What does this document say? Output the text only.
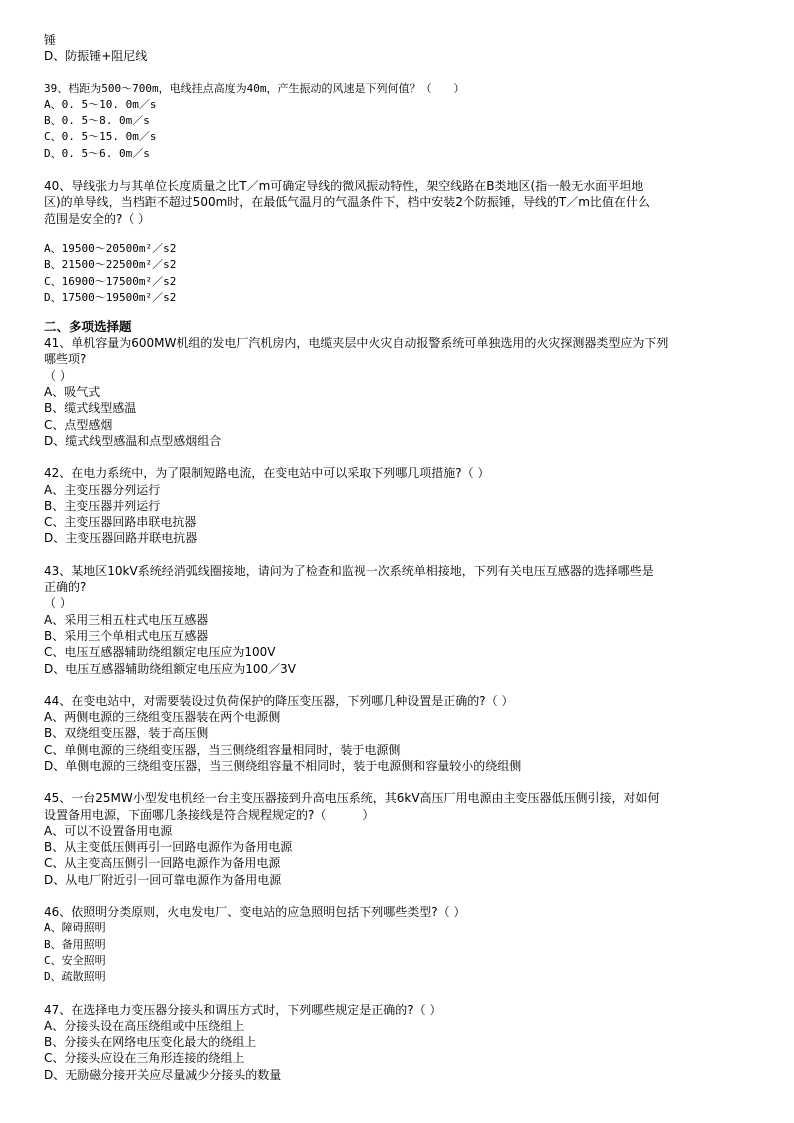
锤
D、防振锤+阻尼线
39、档距为500～700m，电线挂点高度为40m，产生振动的风速是下列何值？（　　）
A、0. 5～10. 0m／s
B、0. 5～8. 0m／s
C、0. 5～15. 0m／s
D、0. 5～6. 0m／s
40、导线张力与其单位长度质量之比T／m可确定导线的微风振动特性，架空线路在B类地区(指一般无水面平坦地
区)的单导线，当档距不超过500m时，在最低气温月的气温条件下，档中安装2个防振锤，导线的T／m比值在什么
范围是安全的?（ ）
A、19500～20500m²／s2
B、21500～22500m²／s2
C、16900～17500m²／s2
D、17500～19500m²／s2
二、多项选择题
41、单机容量为600MW机组的发电厂汽机房内，电缆夹层中火灾自动报警系统可单独选用的火灾探测器类型应为下列
哪些项?
（ ）
A、吸气式
B、缆式线型感温
C、点型感烟
D、缆式线型感温和点型感烟组合
42、在电力系统中，为了限制短路电流，在变电站中可以采取下列哪几项措施?（ ）
A、主变压器分列运行
B、主变压器并列运行
C、主变压器回路串联电抗器
D、主变压器回路并联电抗器
43、某地区10kV系统经消弧线圈接地，请问为了检查和监视一次系统单相接地，下列有关电压互感器的选择哪些是
正确的?
（ ）
A、采用三相五柱式电压互感器
B、采用三个单相式电压互感器
C、电压互感器辅助绕组额定电压应为100V
D、电压互感器辅助绕组额定电压应为100／3V
44、在变电站中，对需要装设过负荷保护的降压变压器，下列哪几种设置是正确的?（ ）
A、两侧电源的三绕组变压器装在两个电源侧
B、双绕组变压器，装于高压侧
C、单侧电源的三绕组变压器，当三侧绕组容量相同时，装于电源侧
D、单侧电源的三绕组变压器，当三侧绕组容量不相同时，装于电源侧和容量较小的绕组侧
45、一台25MW小型发电机经一台主变压器接到升高电压系统，其6kV高压厂用电源由主变压器低压侧引接，对如何
设置备用电源，下面哪几条接线是符合规程规定的?（　　　）
A、可以不设置备用电源
B、从主变低压侧再引一回路电源作为备用电源
C、从主变高压侧引一回路电源作为备用电源
D、从电厂附近引一回可靠电源作为备用电源
46、依照明分类原则，火电发电厂、变电站的应急照明包括下列哪些类型?（ ）
A、障碍照明
B、备用照明
C、安全照明
D、疏散照明
47、在选择电力变压器分接头和调压方式时，下列哪些规定是正确的?（ ）
A、分接头设在高压绕组或中压绕组上
B、分接头在网络电压变化最大的绕组上
C、分接头应设在三角形连接的绕组上
D、无励磁分接开关应尽量减少分接头的数量
